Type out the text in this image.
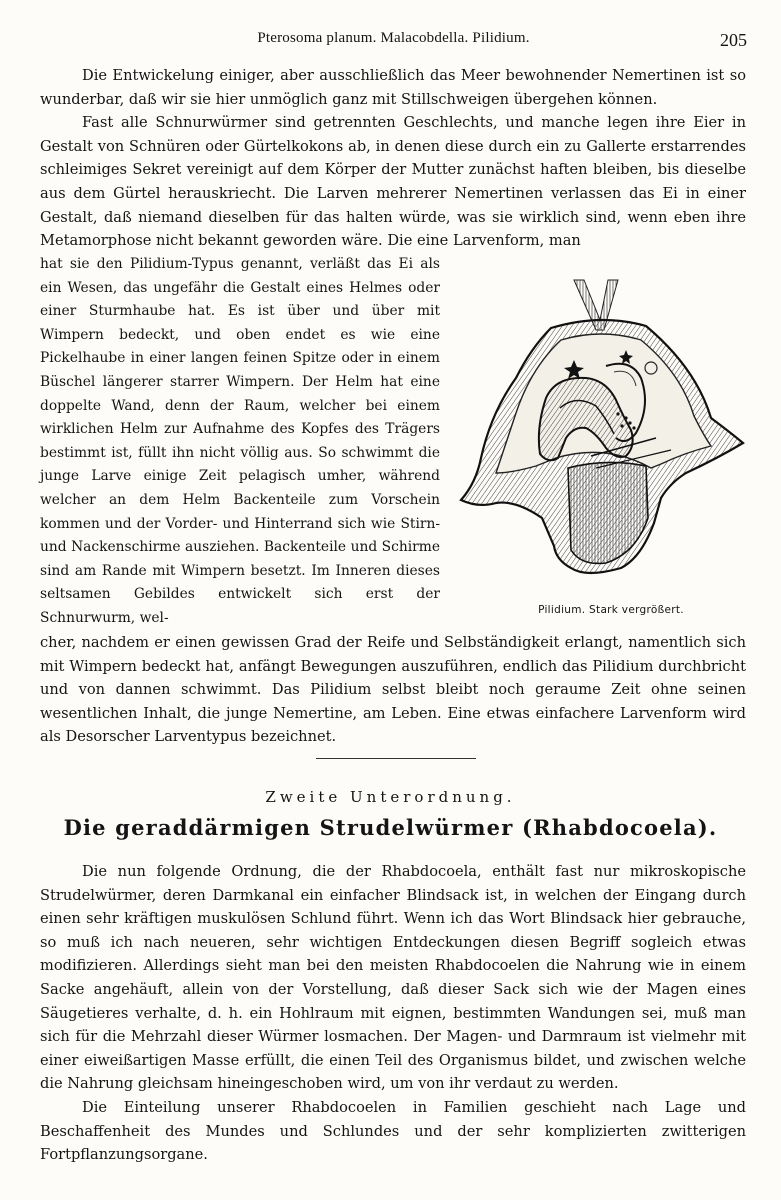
Pterosoma planum. Malacobdella. Pilidium.	205

Die Entwickelung einiger, aber ausschließlich das Meer bewohnender Nemertinen ist so wunderbar, daß wir sie hier unmöglich ganz mit Stillschweigen übergehen können.

Fast alle Schnurwürmer sind getrennten Geschlechts, und manche legen ihre Eier in Gestalt von Schnüren oder Gürtelkokons ab, in denen diese durch ein zu Gallerte erstarrendes schleimiges Sekret vereinigt auf dem Körper der Mutter zunächst haften bleiben, bis dieselbe aus dem Gürtel herauskriecht. Die Larven mehrerer Nemertinen verlassen das Ei in einer Gestalt, daß niemand dieselben für das halten würde, was sie wirklich sind, wenn eben ihre Metamorphose nicht bekannt geworden wäre. Die eine Larvenform, man

hat sie den Pilidium-Typus genannt, verläßt das Ei als ein Wesen, das ungefähr die Gestalt eines Helmes oder einer Sturmhaube hat. Es ist über und über mit Wimpern bedeckt, und oben endet es wie eine Pickelhaube in einer langen feinen Spitze oder in einem Büschel längerer starrer Wimpern. Der Helm hat eine doppelte Wand, denn der Raum, welcher bei einem wirklichen Helm zur Aufnahme des Kopfes des Trägers bestimmt ist, füllt ihn nicht völlig aus. So schwimmt die junge Larve einige Zeit pelagisch umher, während welcher an dem Helm Backenteile zum Vorschein kommen und der Vorder- und Hinterrand sich wie Stirn- und Nackenschirme ausziehen. Backenteile und Schirme sind am Rande mit Wimpern besetzt. Im Inneren dieses seltsamen Gebildes entwickelt sich erst der Schnurwurm, wel-	Pilidium. Stark vergrößert.

cher, nachdem er einen gewissen Grad der Reife und Selbständigkeit erlangt, namentlich sich mit Wimpern bedeckt hat, anfängt Bewegungen auszuführen, endlich das Pilidium durchbricht und von dannen schwimmt. Das Pilidium selbst bleibt noch geraume Zeit ohne seinen wesentlichen Inhalt, die junge Nemertine, am Leben. Eine etwas einfachere Larvenform wird als Desorscher Larventypus bezeichnet.

Zweite Unterordnung.
Die geraddärmigen Strudelwürmer (Rhabdocoela).

Die nun folgende Ordnung, die der Rhabdocoela, enthält fast nur mikroskopische Strudelwürmer, deren Darmkanal ein einfacher Blindsack ist, in welchen der Eingang durch einen sehr kräftigen muskulösen Schlund führt. Wenn ich das Wort Blindsack hier gebrauche, so muß ich nach neueren, sehr wichtigen Entdeckungen diesen Begriff sogleich etwas modifizieren. Allerdings sieht man bei den meisten Rhabdocoelen die Nahrung wie in einem Sacke angehäuft, allein von der Vorstellung, daß dieser Sack sich wie der Magen eines Säugetieres verhalte, d. h. ein Hohlraum mit eignen, bestimmten Wandungen sei, muß man sich für die Mehrzahl dieser Würmer losmachen. Der Magen- und Darmraum ist vielmehr mit einer eiweißartigen Masse erfüllt, die einen Teil des Organismus bildet, und zwischen welche die Nahrung gleichsam hineingeschoben wird, um von ihr verdaut zu werden.

Die Einteilung unserer Rhabdocoelen in Familien geschieht nach Lage und Beschaffenheit des Mundes und Schlundes und der sehr komplizierten zwitterigen Fortpflanzungsorgane.
